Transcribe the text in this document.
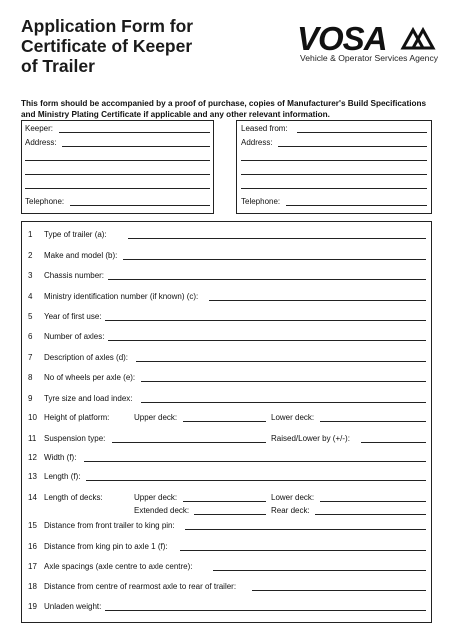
Application Form for
Certificate of Keeper
of Trailer
VOSA
Vehicle & Operator Services Agency
This form should be accompanied by a proof of purchase, copies of Manufacturer's Build Specifications and Ministry Plating Certificate if applicable and any other relevant information.
Keeper:
Address:
Telephone:
Leased from:
Address:
Telephone:
1 Type of trailer (a):
2 Make and model (b):
3 Chassis number:
4 Ministry identification number (if known) (c):
5 Year of first use:
6 Number of axles:
7 Description of axles (d):
8 No of wheels per axle (e):
9 Tyre size and load index:
10 Height of platform:	Upper deck:	Lower deck:
11 Suspension type:	Raised/Lower by (+/-):
12 Width (f):
13 Length (f):
14 Length of decks:	Upper deck:	Lower deck:
Extended deck:	Rear deck:
15 Distance from front trailer to king pin:
16 Distance from king pin to axle 1 (f):
17 Axle spacings (axle centre to axle centre):
18 Distance from centre of rearmost axle to rear of trailer:
19 Unladen weight:
